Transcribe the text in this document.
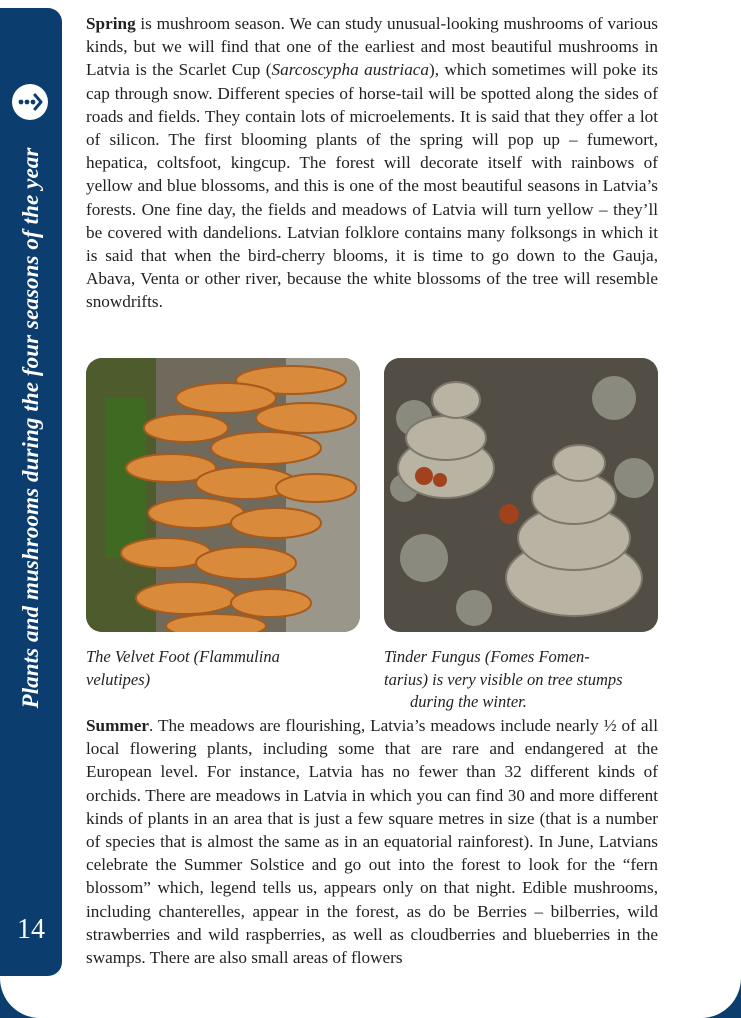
Plants and mushrooms during the four seasons of the year
14

Spring is mushroom season. We can study unusual-looking mushrooms of various kinds, but we will find that one of the earliest and most beautiful mushrooms in Latvia is the Scarlet Cup (Sarcoscypha austriaca), which sometimes will poke its cap through snow. Different species of horse-tail will be spotted along the sides of roads and fields. They contain lots of microelements. It is said that they offer a lot of silicon. The first blooming plants of the spring will pop up – fumewort, hepatica, coltsfoot, kingcup. The forest will decorate itself with rainbows of yellow and blue blossoms, and this is one of the most beautiful seasons in Latvia’s forests. One fine day, the fields and meadows of Latvia will turn yellow – they’ll be covered with dandelions. Latvian folklore contains many folksongs in which it is said that when the bird-cherry blooms, it is time to go down to the Gauja, Abava, Venta or other river, because the white blossoms of the tree will resemble snowdrifts.

The Velvet Foot (Flammulina
velutipes)
Tinder Fungus (Fomes Fomen-
tarius) is very visible on tree stumps
during the winter.

Summer. The meadows are flourishing, Latvia’s meadows include nearly ½ of all local flowering plants, including some that are rare and endangered at the European level. For instance, Latvia has no fewer than 32 different kinds of orchids. There are meadows in Latvia in which you can find 30 and more different kinds of plants in an area that is just a few square metres in size (that is a number of species that is almost the same as in an equatorial rainforest). In June, Latvians celebrate the Summer Solstice and go out into the forest to look for the “fern blossom” which, legend tells us, appears only on that night. Edible mushrooms, including chanterelles, appear in the forest, as do be Berries – bilberries, wild strawberries and wild raspberries, as well as cloudberries and blueberries in the swamps. There are also small areas of flowers
